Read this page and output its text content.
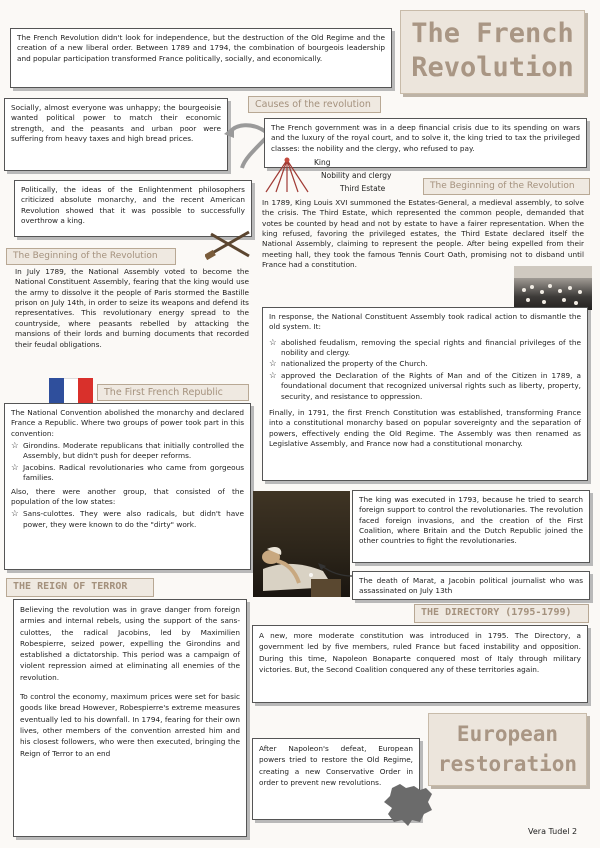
The French
Revolution
The French Revolution didn't look for independence, but the destruction of the Old Regime and the creation of a new liberal order. Between 1789 and 1794, the combination of bourgeois leadership and popular participation transformed France politically, socially, and economically.
Socially, almost everyone was unhappy; the bourgeoisie wanted political power to match their economic strength, and the peasants and urban poor were suffering from heavy taxes and high bread prices.
Causes of the revolution
The French government was in a deep financial crisis due to its spending on wars and the luxury of the royal court, and to solve it, the king tried to tax the privileged classes: the nobility and the clergy, who refused to pay.
King
Nobility and clergy
Third Estate
Politically, the ideas of the Enlightenment philosophers criticized absolute monarchy, and the recent American Revolution showed that it was possible to successfully overthrow a king.
The Beginning of the Revolution
In 1789, King Louis XVI summoned the Estates-General, a medieval assembly, to solve the crisis. The Third Estate, which represented the common people, demanded that votes be counted by head and not by estate to have a fairer representation. When the king refused, favoring the privileged estates, the Third Estate declared itself the National Assembly, claiming to represent the people. After being expelled from their meeting hall, they took the famous Tennis Court Oath, promising not to disband until France had a constitution.
The Beginning of the Revolution
In July 1789, the National Assembly voted to become the National Constituent Assembly, fearing that the king would use the army to dissolve it the people of Paris stormed the Bastille prison on July 14th, in order to seize its weapons and defend its representatives. This revolutionary energy spread to the countryside, where peasants rebelled by attacking the mansions of their lords and burning documents that recorded their feudal obligations.

In response, the National Constituent Assembly took radical action to dismantle the old system. It:

☆ abolished feudalism, removing the special rights and financial privileges of the nobility and clergy.
☆ nationalized the property of the Church.
☆ approved the Declaration of the Rights of Man and of the Citizen in 1789, a foundational document that recognized universal rights such as liberty, property, security, and resistance to oppression.

Finally, in 1791, the first French Constitution was established, transforming France into a constitutional monarchy based on popular sovereignty and the separation of powers, effectively ending the Old Regime. The Assembly was then renamed as Legislative Assembly, and France now had a constitutional monarchy.

The First French Republic

The National Convention abolished the monarchy and declared France a Republic. Where two groups of power took part in this convention:

☆ Girondins. Moderate republicans that initially controlled the Assembly, but didn't push for deeper reforms.
☆ Jacobins. Radical revolutionaries who came from gorgeous families.

Also, there were another group, that consisted of the population of the low states:

☆ Sans-culottes. They were also radicals, but didn't have power, they were known to do the "dirty" work.
The king was executed in 1793, because he tried to search foreign support to control the revolutionaries. The revolution faced foreign invasions, and the creation of the First Coalition, where Britain and the Dutch Republic joined the other countries to fight the revolutionaries.
The death of Marat, a Jacobin political journalist who was assassinated on July 13th
THE REIGN OF TERROR

Believing the revolution was in grave danger from foreign armies and internal rebels, using the support of the sans-culottes, the radical Jacobins, led by Maximilien Robespierre, seized power, expelling the Girondins and established a dictatorship. This period was a campaign of violent repression aimed at eliminating all enemies of the revolution.

To control the economy, maximum prices were set for basic goods like bread However, Robespierre's extreme measures eventually led to his downfall. In 1794, fearing for their own lives, other members of the convention arrested him and his closest followers, who were then executed, bringing the Reign of Terror to an end

THE DIRECTORY (1795-1799)
A new, more moderate constitution was introduced in 1795. The Directory, a government led by five members, ruled France but faced instability and opposition. During this time, Napoleon Bonaparte conquered most of Italy through military victories. But, the Second Coalition conquered any of these territories again.
European
restoration
After Napoleon's defeat, European powers tried to restore the Old Regime, creating a new Conservative Order in order to prevent new revolutions.
Vera Tudel 2
